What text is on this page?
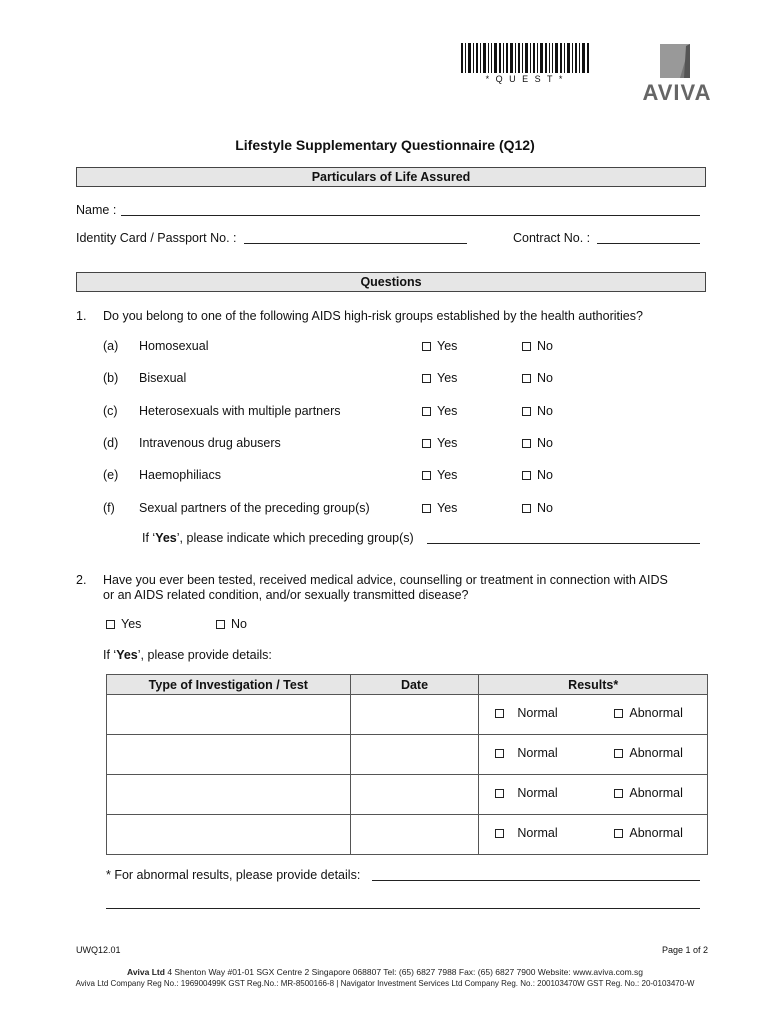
* Q U E S T *
AVIVA
Lifestyle Supplementary Questionnaire (Q12)
Particulars of Life Assured
Name :
Identity Card / Passport No. :	Contract No. :
Questions
1. Do you belong to one of the following AIDS high-risk groups established by the health authorities?
(a) Homosexual	Yes	No
(b) Bisexual	Yes	No
(c) Heterosexuals with multiple partners	Yes	No
(d) Intravenous drug abusers	Yes	No
(e) Haemophiliacs	Yes	No
(f) Sexual partners of the preceding group(s)	Yes	No
If ‘Yes’, please indicate which preceding group(s)
2. Have you ever been tested, received medical advice, counselling or treatment in connection with AIDS
or an AIDS related condition, and/or sexually transmitted disease?
Yes	No
If ‘Yes’, please provide details:
Type of Investigation / Test	Date	Results*

		Normal Abnormal

		Normal Abnormal

		Normal Abnormal

		Normal Abnormal
* For abnormal results, please provide details:
UWQ12.01	Page 1 of 2
Aviva Ltd 4 Shenton Way #01-01 SGX Centre 2 Singapore 068807 Tel: (65) 6827 7988 Fax: (65) 6827 7900 Website: www.aviva.com.sg
Aviva Ltd Company Reg No.: 196900499K GST Reg.No.: MR-8500166-8 | Navigator Investment Services Ltd Company Reg. No.: 200103470W GST Reg. No.: 20-0103470-W
